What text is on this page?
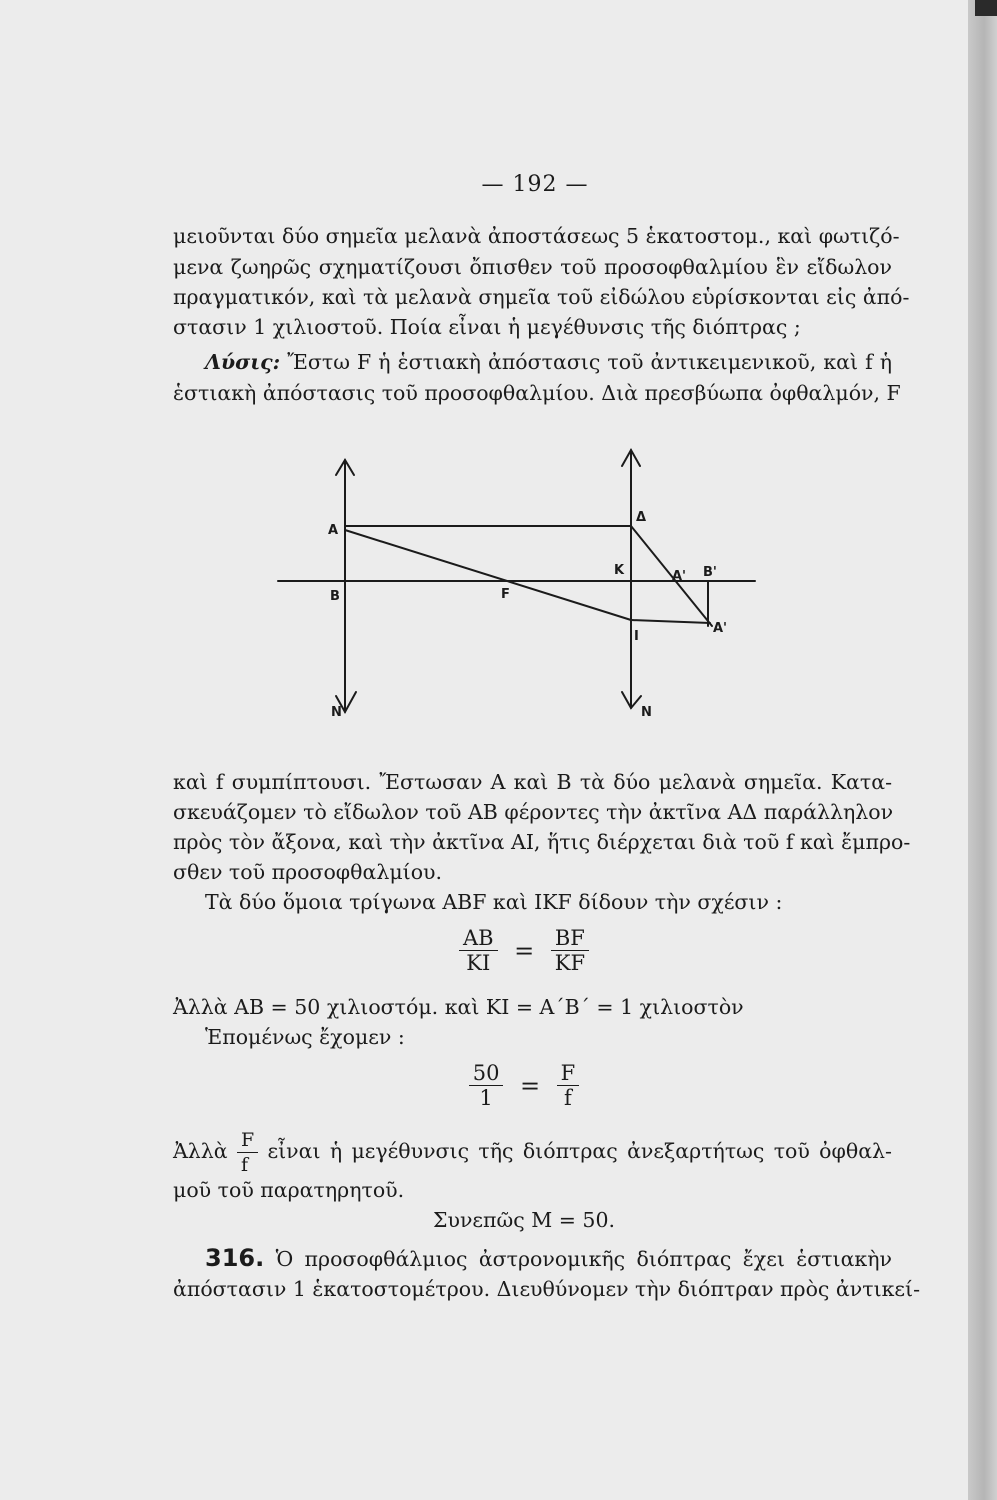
— 192 —
μειοῦνται δύο σημεῖα μελανὰ ἀποστάσεως 5 ἑκατοστομ., καὶ φωτιζό-
μενα ζωηρῶς σχηματίζουσι ὄπισθεν τοῦ προσοφθαλμίου ἓν εἴδωλον
πραγματικόν, καὶ τὰ μελανὰ σημεῖα τοῦ εἰδώλου εὑρίσκονται εἰς ἀπό-
στασιν 1 χιλιοστοῦ. Ποία εἶναι ἡ μεγέθυνσις τῆς διόπτρας ;
Λύσις: Ἔστω F ἡ ἑστιακὴ ἀπόστασις τοῦ ἀντικειμενικοῦ, καὶ f ἡ
ἑστιακὴ ἀπόστασις τοῦ προσοφθαλμίου. Διὰ πρεσβύωπα ὀφθαλμόν, F
A
B	F
Δ
K	A' B'
I
A'
N	N
καὶ f συμπίπτουσι. Ἔστωσαν Α καὶ Β τὰ δύο μελανὰ σημεῖα. Κατα-
σκευάζομεν τὸ εἴδωλον τοῦ ΑΒ φέροντες τὴν ἀκτῖνα ΑΔ παράλληλον
πρὸς τὸν ἄξονα, καὶ τὴν ἀκτῖνα ΑΙ, ἥτις διέρχεται διὰ τοῦ f καὶ ἔμπρο-
σθεν τοῦ προσοφθαλμίου.
Τὰ δύο ὅμοια τρίγωνα ABF καὶ IKF δίδουν τὴν σχέσιν :
$\frac{AB}{KI} = \frac{BF}{KF}$
Ἀλλὰ AB = 50 χιλιοστόμ. καὶ KI = A΄B΄ = 1 χιλιοστὸν
Ἑπομένως ἔχομεν :
$\frac{50}{1} = \frac{F}{f}$
Ἀλλὰ $\frac{F}{f}$ εἶναι ἡ μεγέθυνσις τῆς διόπτρας ἀνεξαρτήτως τοῦ ὀφθαλ-
μοῦ τοῦ παρατηρητοῦ.
Συνεπῶς M = 50.
316. Ὁ προσοφθάλμιος ἀστρονομικῆς διόπτρας ἔχει ἑστιακὴν
ἀπόστασιν 1 ἑκατοστομέτρου. Διευθύνομεν τὴν διόπτραν πρὸς ἀντικεί-
